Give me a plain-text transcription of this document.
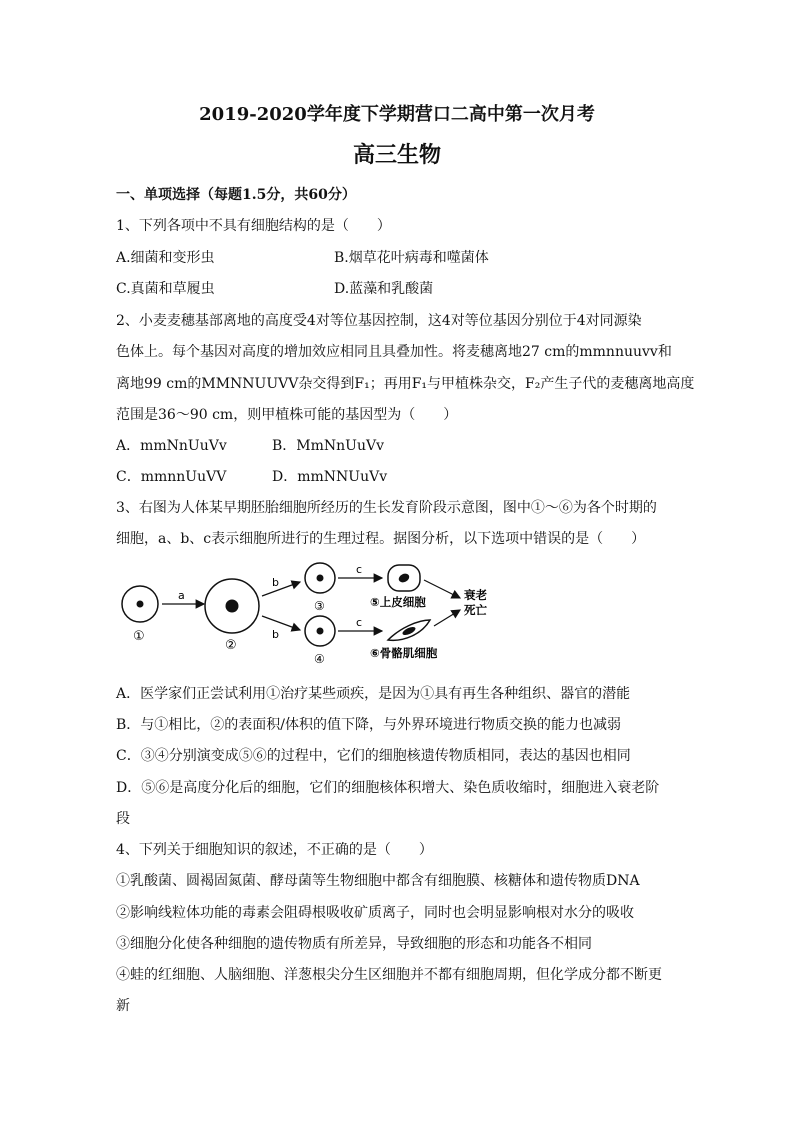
2019-2020学年度下学期营口二高中第一次月考
高三生物
一、单项选择（每题1.5分，共60分）
1、下列各项中不具有细胞结构的是（　　）
A.细菌和变形虫	B.烟草花叶病毒和噬菌体
C.真菌和草履虫	D.蓝藻和乳酸菌
2、小麦麦穗基部离地的高度受4对等位基因控制，这4对等位基因分别位于4对同源染
色体上。每个基因对高度的增加效应相同且具叠加性。将麦穗离地27 cm的mmnnuuvv和
离地99 cm的MMNNUUVV杂交得到F₁；再用F₁与甲植株杂交，F₂产生子代的麦穗离地高度
范围是36～90 cm，则甲植株可能的基因型为（　　）
A．mmNnUuVv	B．MmNnUuVv
C．mmnnUuVV	D．mmNNUuVv
3、右图为人体某早期胚胎细胞所经历的生长发育阶段示意图，图中①～⑥为各个时期的
细胞，a、b、c表示细胞所进行的生理过程。据图分析，以下选项中错误的是（　　）
①
a
②
b
b
③
④
c
c
⑤上皮细胞
⑥骨骼肌细胞
衰老
死亡
A．医学家们正尝试利用①治疗某些顽疾，是因为①具有再生各种组织、器官的潜能
B．与①相比，②的表面积/体积的值下降，与外界环境进行物质交换的能力也减弱
C．③④分别演变成⑤⑥的过程中，它们的细胞核遗传物质相同，表达的基因也相同
D．⑤⑥是高度分化后的细胞，它们的细胞核体积增大、染色质收缩时，细胞进入衰老阶
段
4、下列关于细胞知识的叙述，不正确的是（　　）
①乳酸菌、圆褐固氮菌、酵母菌等生物细胞中都含有细胞膜、核糖体和遗传物质DNA
②影响线粒体功能的毒素会阻碍根吸收矿质离子，同时也会明显影响根对水分的吸收
③细胞分化使各种细胞的遗传物质有所差异，导致细胞的形态和功能各不相同
④蛙的红细胞、人脑细胞、洋葱根尖分生区细胞并不都有细胞周期，但化学成分都不断更
新
